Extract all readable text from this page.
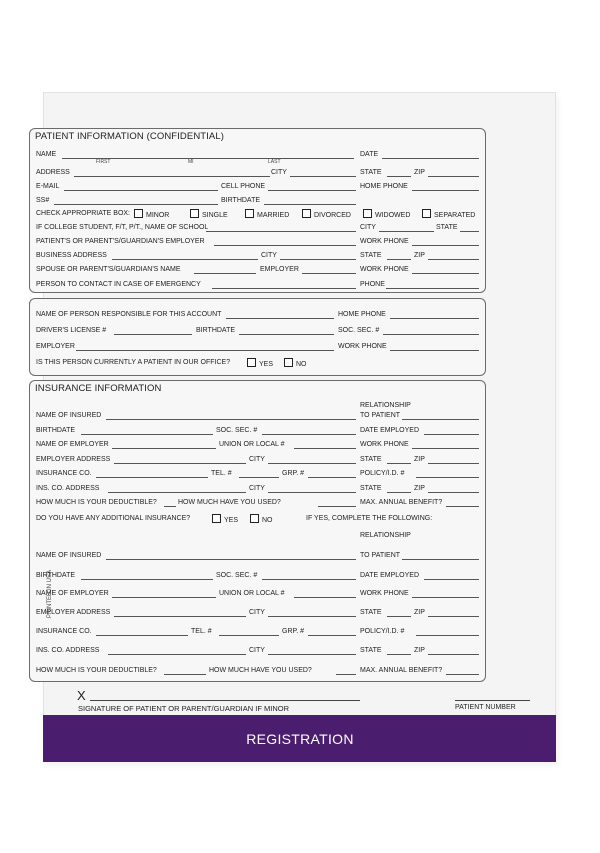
PATIENT INFORMATION (CONFIDENTIAL)
NAME
FIRST	MI	LAST
DATE
ADDRESS	CITY	STATE	ZIP
E-MAIL	CELL PHONE	HOME PHONE
SS#	BIRTHDATE
CHECK APPROPRIATE BOX:	MINOR	SINGLE	MARRIED	DIVORCED	WIDOWED	SEPARATED
IF COLLEGE STUDENT, F/T, P/T., NAME OF SCHOOL	CITY	STATE
PATIENT'S OR PARENT'S/GUARDIAN'S EMPLOYER	WORK PHONE
BUSINESS ADDRESS	CITY	STATE	ZIP
SPOUSE OR PARENT'S/GUARDIAN'S NAME	EMPLOYER	WORK PHONE
PERSON TO CONTACT IN CASE OF EMERGENCY	PHONE
NAME OF PERSON RESPONSIBLE FOR THIS ACCOUNT	HOME PHONE
DRIVER'S LICENSE #	BIRTHDATE	SOC. SEC. #
EMPLOYER	WORK PHONE
IS THIS PERSON CURRENTLY A PATIENT IN OUR OFFICE?	YES	NO
INSURANCE INFORMATION
RELATIONSHIP
NAME OF INSURED	TO PATIENT
BIRTHDATE	SOC. SEC. #	DATE EMPLOYED
NAME OF EMPLOYER	UNION OR LOCAL #	WORK PHONE
EMPLOYER ADDRESS	CITY	STATE	ZIP
INSURANCE CO.	TEL. #	GRP. #	POLICY/I.D. #
INS. CO. ADDRESS	CITY	STATE	ZIP
HOW MUCH IS YOUR DEDUCTIBLE?	HOW MUCH HAVE YOU USED?	MAX. ANNUAL BENEFIT?
DO YOU HAVE ANY ADDITIONAL INSURANCE?	YES	NO	IF YES, COMPLETE THE FOLLOWING:
RELATIONSHIP
NAME OF INSURED	TO PATIENT
BIRTHDATE	SOC. SEC. #	DATE EMPLOYED
NAME OF EMPLOYER	UNION OR LOCAL #	WORK PHONE
EMPLOYER ADDRESS	CITY	STATE	ZIP
INSURANCE CO.	TEL. #	GRP. #	POLICY/I.D. #
INS. CO. ADDRESS	CITY	STATE	ZIP
HOW MUCH IS YOUR DEDUCTIBLE?	HOW MUCH HAVE YOU USED?	MAX. ANNUAL BENEFIT?
X
SIGNATURE OF PATIENT OR PARENT/GUARDIAN IF MINOR	PATIENT NUMBER
PRINTED IN USA
REGISTRATION
